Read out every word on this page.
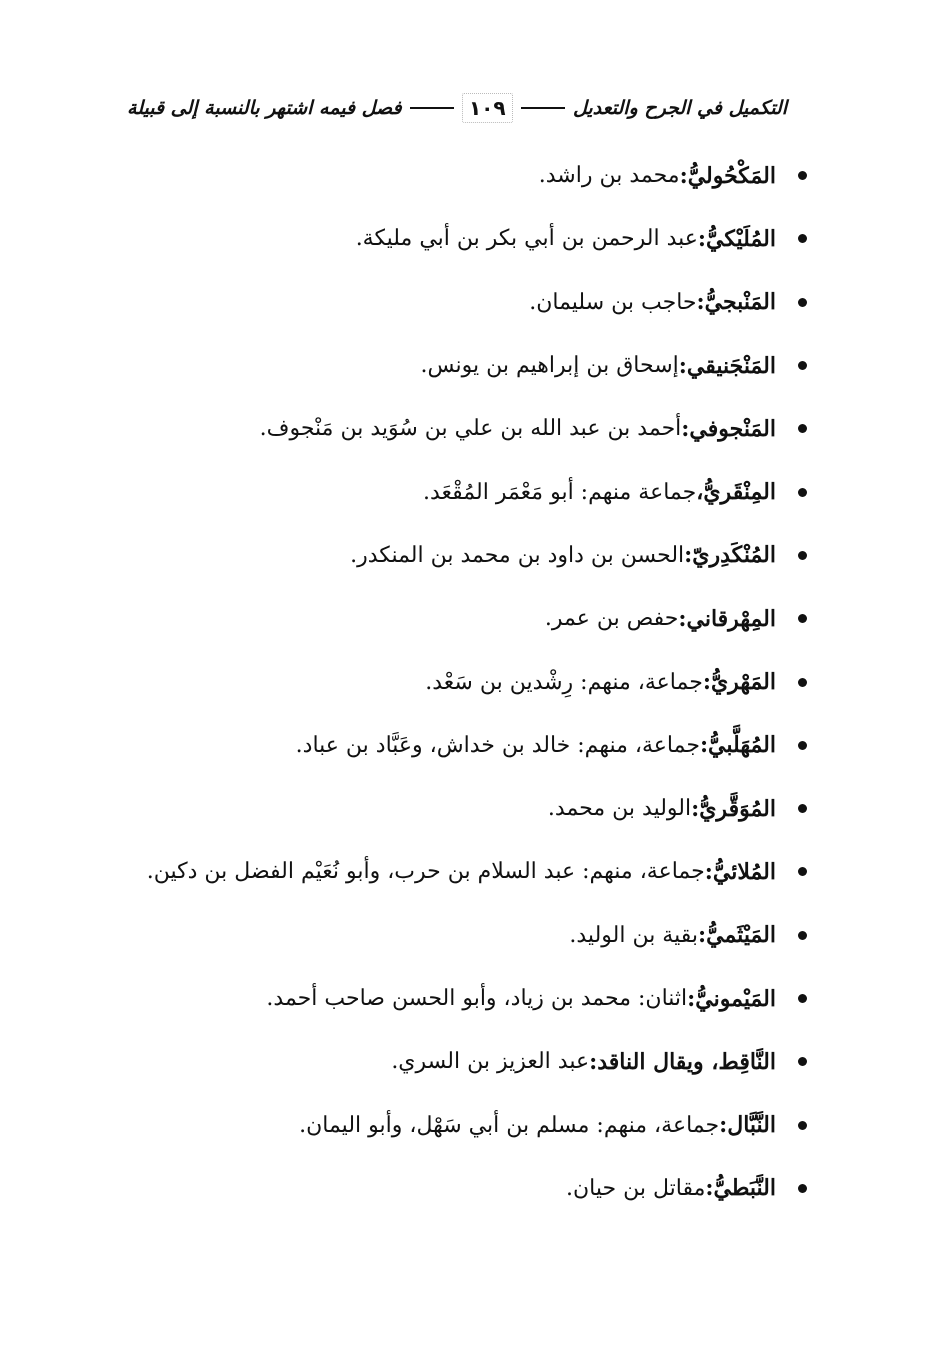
التكميل في الجرح والتعديل
١٠٩
فصل فيمه اشتهر بالنسبة إلى قبيلة
المَكْحُوليُّ:
محمد بن راشد.
المُلَيْكيُّ:
عبد الرحمن بن أبي بكر بن أبي مليكة.
المَنْبجيُّ:
حاجب بن سليمان.
المَنْجَنيقي:
إسحاق بن إبراهيم بن يونس.
المَنْجوفي:
أحمد بن عبد الله بن علي بن سُوَيد بن مَنْجوف.
المِنْقَريُّ،
جماعة منهم: أبو مَعْمَر المُقْعَد.
المُنْكَدِريّ:
الحسن بن داود بن محمد بن المنكدر.
المِهْرقاني:
حفص بن عمر.
المَهْريُّ:
جماعة، منهم: رِشْدين بن سَعْد.
المُهَلَّبيُّ:
جماعة، منهم: خالد بن خداش، وعَبَّاد بن عباد.
المُوَقَّريُّ:
الوليد بن محمد.
المُلائيُّ:
جماعة، منهم: عبد السلام بن حرب، وأبو نُعَيْم الفضل بن دكين.
المَيْثَميُّ:
بقية بن الوليد.
المَيْمونيُّ:
اثنان: محمد بن زياد، وأبو الحسن صاحب أحمد.
النَّاقِط، ويقال الناقد:
عبد العزيز بن السري.
النَّبَّال:
جماعة، منهم: مسلم بن أبي سَهْل، وأبو اليمان.
النَّبَطيُّ:
مقاتل بن حيان.
